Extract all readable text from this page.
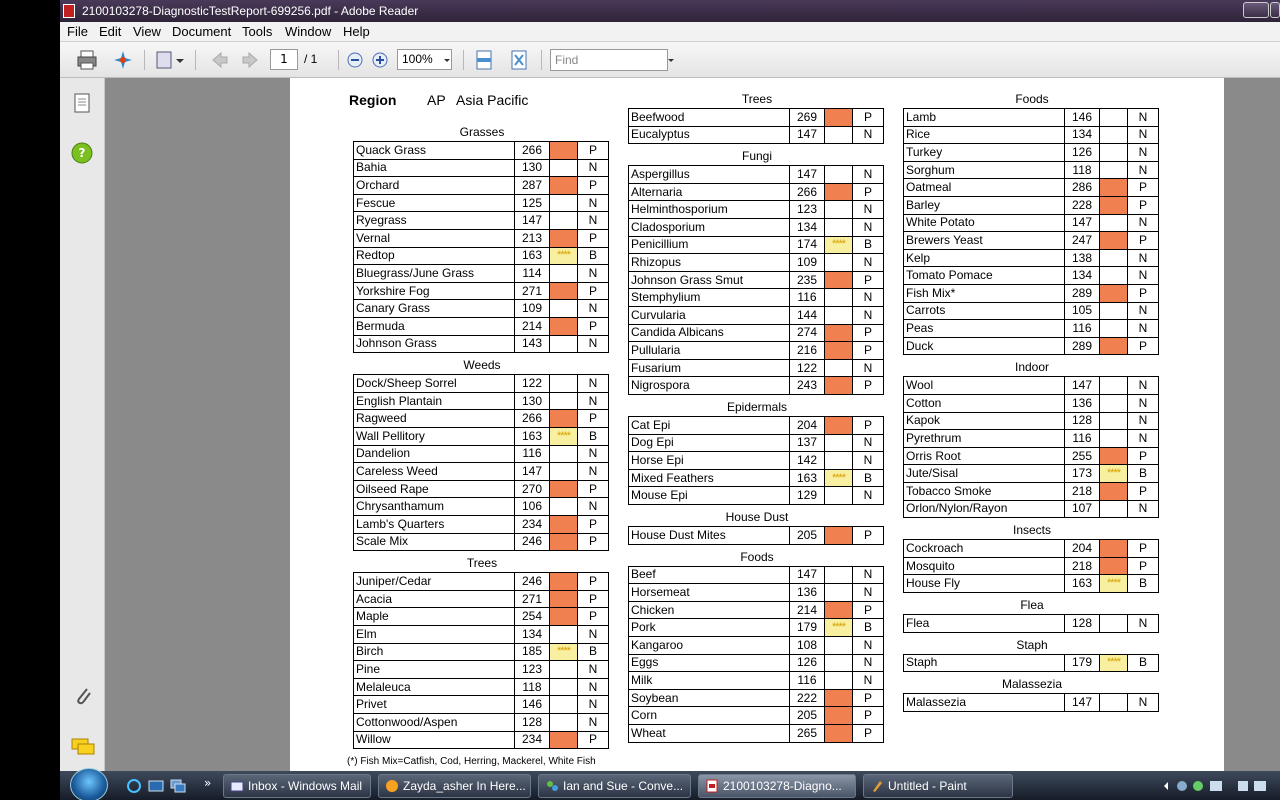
2100103278-DiagnosticTestReport-699256.pdf - Adobe Reader
File Edit View Document Tools Window Help
1	/ 1	100%	Find
?
Region AP Asia Pacific
Grasses
Quack Grass	266		P
Bahia	130		N
Orchard	287		P
Fescue	125		N
Ryegrass	147		N
Vernal	213		P
Redtop	163	****	B
Bluegrass/June Grass	114		N
Yorkshire Fog	271		P
Canary Grass	109		N
Bermuda	214		P
Johnson Grass	143		N
Weeds
Dock/Sheep Sorrel	122		N
English Plantain	130		N
Ragweed	266		P
Wall Pellitory	163	****	B
Dandelion	116		N
Careless Weed	147		N
Oilseed Rape	270		P
Chrysanthamum	106		N
Lamb's Quarters	234		P
Scale Mix	246		P
Trees
Juniper/Cedar	246		P
Acacia	271		P
Maple	254		P
Elm	134		N
Birch	185	****	B
Pine	123		N
Melaleuca	118		N
Privet	146		N
Cottonwood/Aspen	128		N
Willow	234		P
Trees
Beefwood	269		P
Eucalyptus	147		N
Fungi
Aspergillus	147		N
Alternaria	266		P
Helminthosporium	123		N
Cladosporium	134		N
Penicillium	174	****	B
Rhizopus	109		N
Johnson Grass Smut	235		P
Stemphylium	116		N
Curvularia	144		N
Candida Albicans	274		P
Pullularia	216		P
Fusarium	122		N
Nigrospora	243		P
Epidermals
Cat Epi	204		P
Dog Epi	137		N
Horse Epi	142		N
Mixed Feathers	163	****	B
Mouse Epi	129		N
House Dust
House Dust Mites	205		P
Foods
Beef	147		N
Horsemeat	136		N
Chicken	214		P
Pork	179	****	B
Kangaroo	108		N
Eggs	126		N
Milk	116		N
Soybean	222		P
Corn	205		P
Wheat	265		P
Foods
Lamb	146		N
Rice	134		N
Turkey	126		N
Sorghum	118		N
Oatmeal	286		P
Barley	228		P
White Potato	147		N
Brewers Yeast	247		P
Kelp	138		N
Tomato Pomace	134		N
Fish Mix*	289		P
Carrots	105		N
Peas	116		N
Duck	289		P
Indoor
Wool	147		N
Cotton	136		N
Kapok	128		N
Pyrethrum	116		N
Orris Root	255		P
Jute/Sisal	173	****	B
Tobacco Smoke	218		P
Orlon/Nylon/Rayon	107		N
Insects
Cockroach	204		P
Mosquito	218		P
House Fly	163	****	B
Flea
Flea	128		N
Staph
Staph	179	****	B
Malassezia
Malassezia	147		N
(*) Fish Mix=Catfish, Cod, Herring, Mackerel, White Fish
»	Inbox - Windows Mail	Zayda_asher In Here...	Ian and Sue - Conve...	2100103278-Diagno...	Untitled - Paint
